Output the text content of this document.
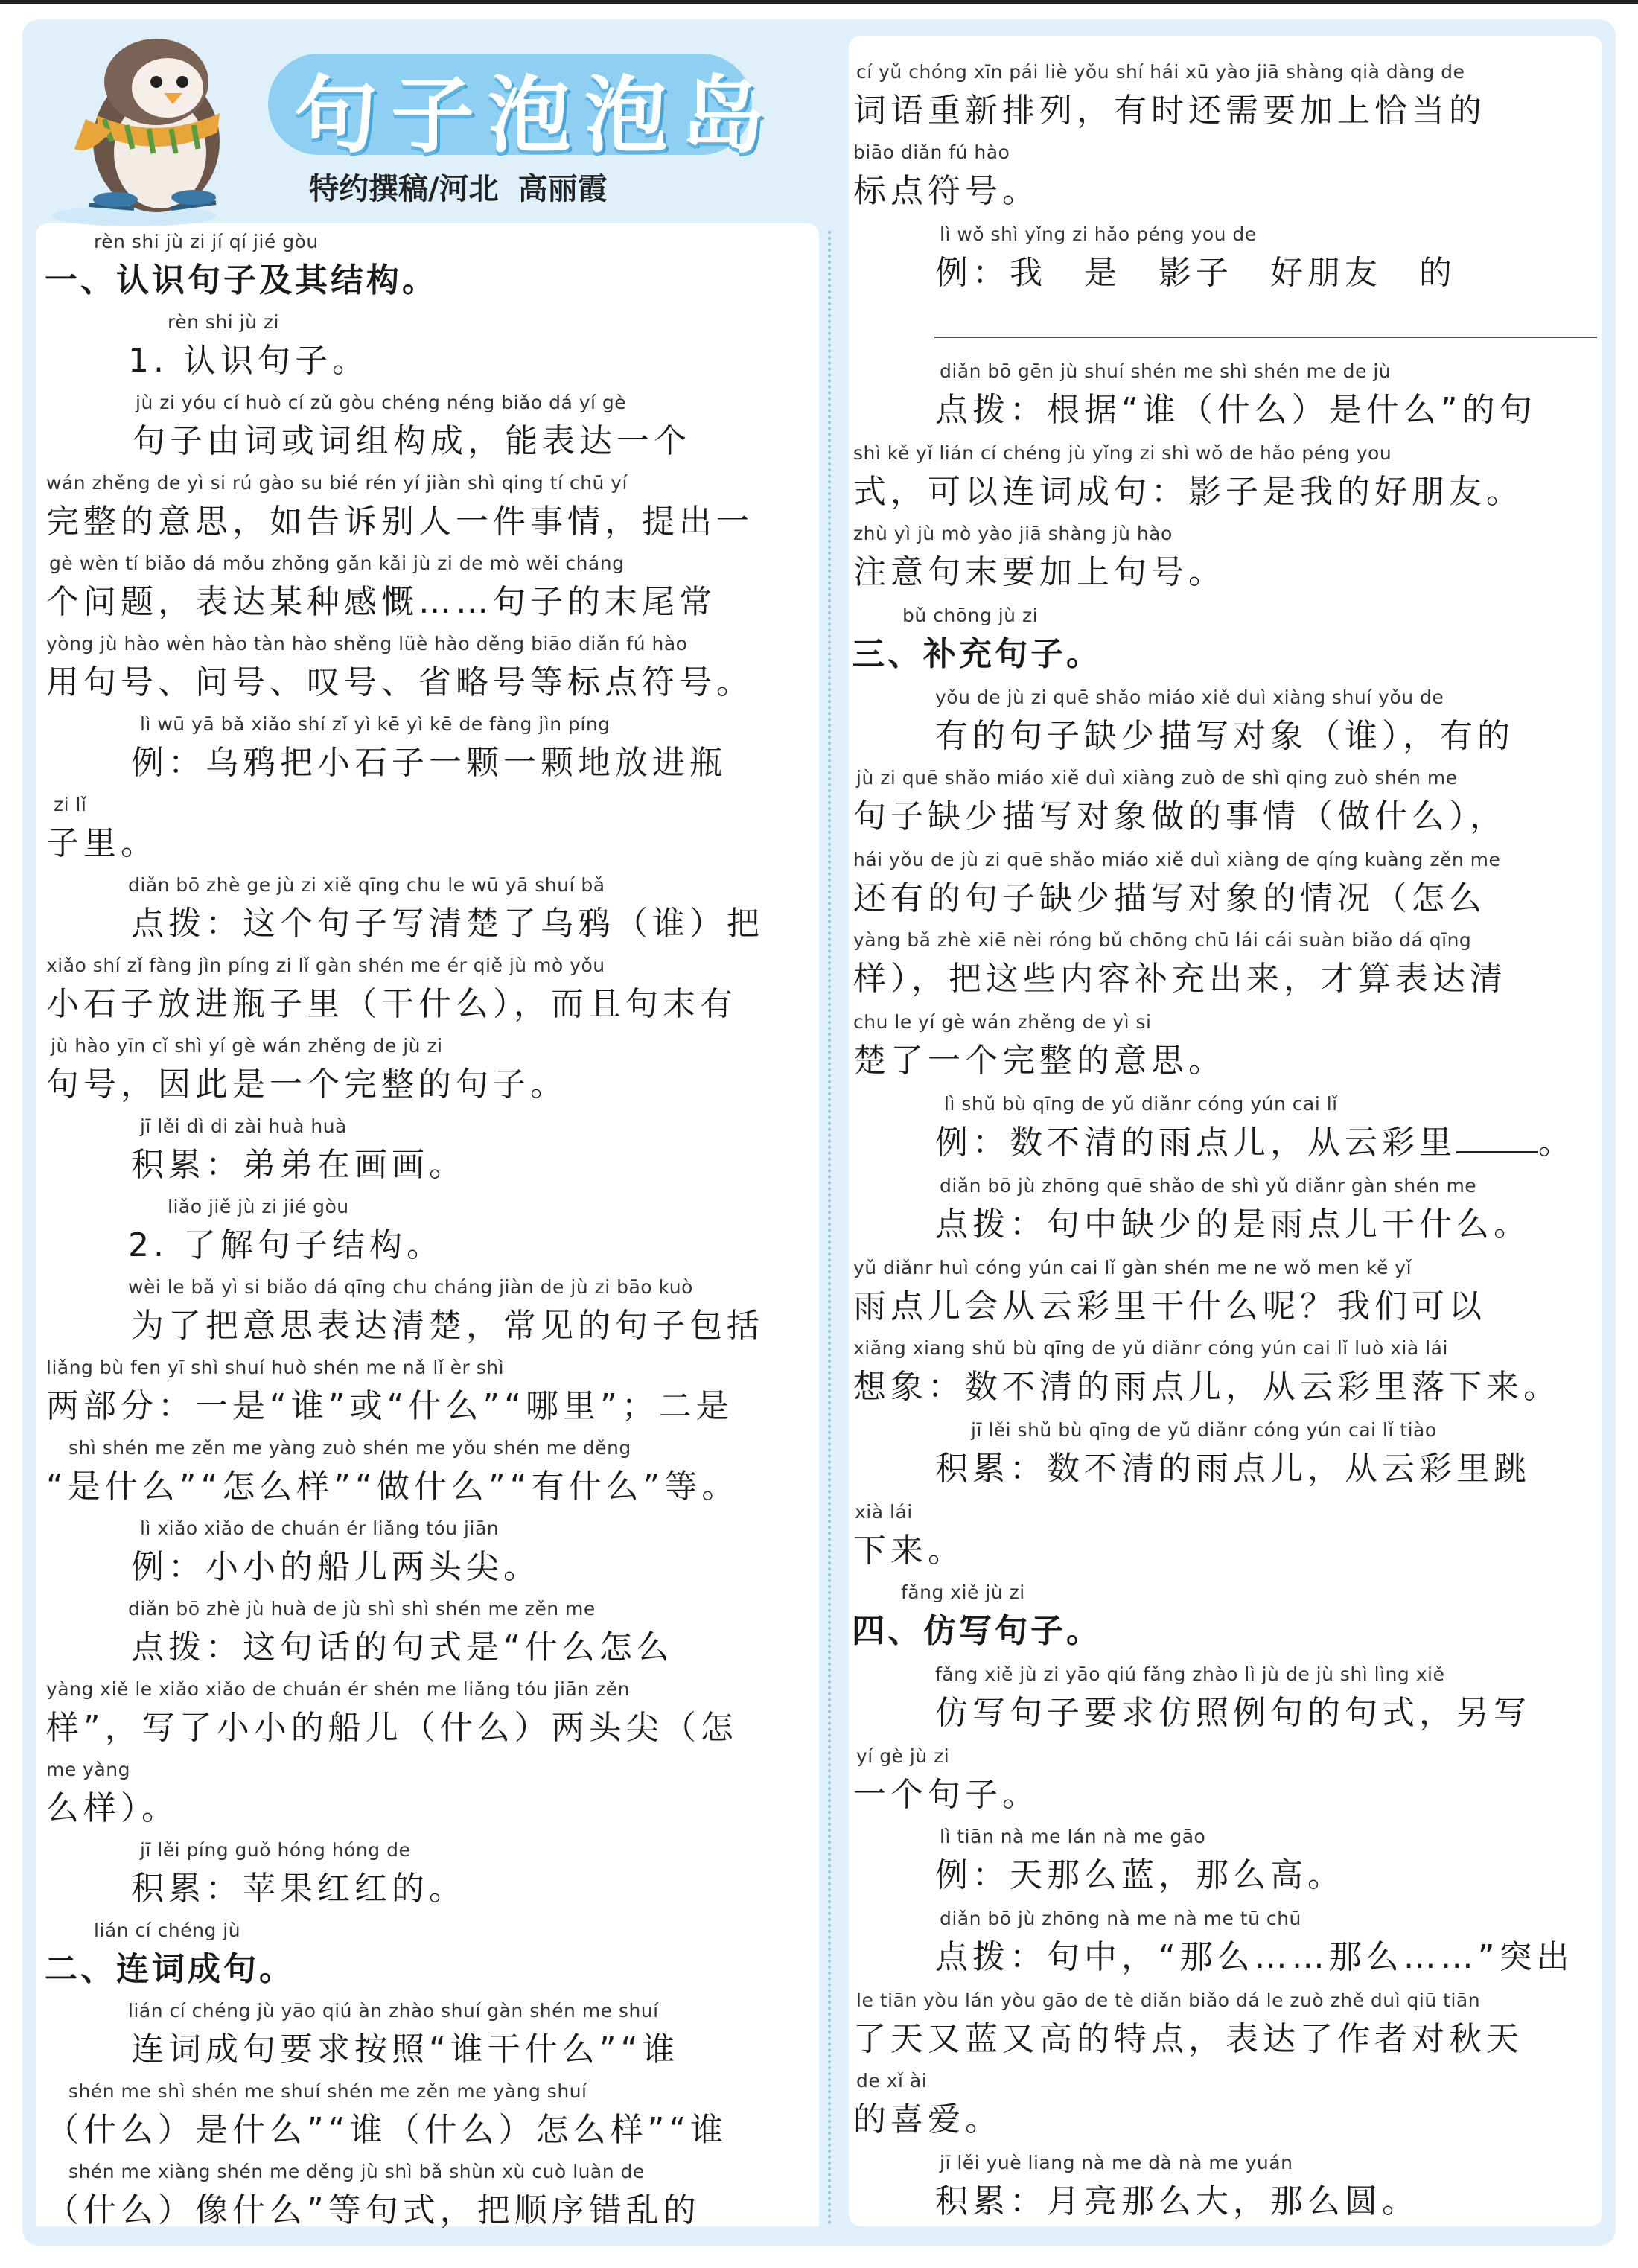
句子泡泡岛
特约撰稿/河北 高丽霞
rèn shi jù zi jí qí jié gòu
一、认识句子及其结构。
rèn shi jù zi
1. 认识句子。
jù zi yóu cí huò cí zǔ gòu chéng néng biǎo dá yí gè
句子由词或词组构成，能表达一个
wán zhěng de yì si rú gào su bié rén yí jiàn shì qing tí chū yí
完整的意思，如告诉别人一件事情，提出一
gè wèn tí biǎo dá mǒu zhǒng gǎn kǎi jù zi de mò wěi cháng
个问题，表达某种感慨……句子的末尾常
yòng jù hào wèn hào tàn hào shěng lüè hào děng biāo diǎn fú hào
用句号、问号、叹号、省略号等标点符号。
lì wū yā bǎ xiǎo shí zǐ yì kē yì kē de fàng jìn píng
例：乌鸦把小石子一颗一颗地放进瓶
zi lǐ
子里。
diǎn bō zhè ge jù zi xiě qīng chu le wū yā shuí bǎ
点拨：这个句子写清楚了乌鸦（谁）把
xiǎo shí zǐ fàng jìn píng zi lǐ gàn shén me ér qiě jù mò yǒu
小石子放进瓶子里（干什么），而且句末有
jù hào yīn cǐ shì yí gè wán zhěng de jù zi
句号，因此是一个完整的句子。
jī lěi dì di zài huà huà
积累：弟弟在画画。
liǎo jiě jù zi jié gòu
2. 了解句子结构。
wèi le bǎ yì si biǎo dá qīng chu cháng jiàn de jù zi bāo kuò
为了把意思表达清楚，常见的句子包括
liǎng bù fen yī shì shuí huò shén me nǎ lǐ èr shì
两部分：一是“谁”或“什么”“哪里”；二是
shì shén me zěn me yàng zuò shén me yǒu shén me děng
“是什么”“怎么样”“做什么”“有什么”等。
lì xiǎo xiǎo de chuán ér liǎng tóu jiān
例：小小的船儿两头尖。
diǎn bō zhè jù huà de jù shì shì shén me zěn me
点拨：这句话的句式是“什么怎么
yàng xiě le xiǎo xiǎo de chuán ér shén me liǎng tóu jiān zěn
样”，写了小小的船儿（什么）两头尖（怎
me yàng
么样）。
jī lěi píng guǒ hóng hóng de
积累：苹果红红的。
lián cí chéng jù
二、连词成句。
lián cí chéng jù yāo qiú àn zhào shuí gàn shén me shuí
连词成句要求按照“谁干什么”“谁
shén me shì shén me shuí shén me zěn me yàng shuí
（什么）是什么”“谁（什么）怎么样”“谁
shén me xiàng shén me děng jù shì bǎ shùn xù cuò luàn de
（什么）像什么”等句式，把顺序错乱的
cí yǔ chóng xīn pái liè yǒu shí hái xū yào jiā shàng qià dàng de
词语重新排列，有时还需要加上恰当的
biāo diǎn fú hào
标点符号。
lì wǒ shì yǐng zi hǎo péng you de
例：我　是　影子　好朋友　的
diǎn bō gēn jù shuí shén me shì shén me de jù
点拨：根据“谁（什么）是什么”的句
shì kě yǐ lián cí chéng jù yǐng zi shì wǒ de hǎo péng you
式，可以连词成句：影子是我的好朋友。
zhù yì jù mò yào jiā shàng jù hào
注意句末要加上句号。
bǔ chōng jù zi
三、补充句子。
yǒu de jù zi quē shǎo miáo xiě duì xiàng shuí yǒu de
有的句子缺少描写对象（谁），有的
jù zi quē shǎo miáo xiě duì xiàng zuò de shì qing zuò shén me
句子缺少描写对象做的事情（做什么），
hái yǒu de jù zi quē shǎo miáo xiě duì xiàng de qíng kuàng zěn me
还有的句子缺少描写对象的情况（怎么
yàng bǎ zhè xiē nèi róng bǔ chōng chū lái cái suàn biǎo dá qīng
样），把这些内容补充出来，才算表达清
chu le yí gè wán zhěng de yì si
楚了一个完整的意思。
lì shǔ bù qīng de yǔ diǎnr cóng yún cai lǐ
例：数不清的雨点儿，从云彩里	。
diǎn bō jù zhōng quē shǎo de shì yǔ diǎnr gàn shén me
点拨：句中缺少的是雨点儿干什么。
yǔ diǎnr huì cóng yún cai lǐ gàn shén me ne wǒ men kě yǐ
雨点儿会从云彩里干什么呢？我们可以
xiǎng xiang shǔ bù qīng de yǔ diǎnr cóng yún cai lǐ luò xià lái
想象：数不清的雨点儿，从云彩里落下来。
jī lěi shǔ bù qīng de yǔ diǎnr cóng yún cai lǐ tiào
积累：数不清的雨点儿，从云彩里跳
xià lái
下来。
fǎng xiě jù zi
四、仿写句子。
fǎng xiě jù zi yāo qiú fǎng zhào lì jù de jù shì lìng xiě
仿写句子要求仿照例句的句式，另写
yí gè jù zi
一个句子。
lì tiān nà me lán nà me gāo
例：天那么蓝，那么高。
diǎn bō jù zhōng nà me nà me tū chū
点拨：句中，“那么……那么……”突出
le tiān yòu lán yòu gāo de tè diǎn biǎo dá le zuò zhě duì qiū tiān
了天又蓝又高的特点，表达了作者对秋天
de xǐ ài
的喜爱。
jī lěi yuè liang nà me dà nà me yuán
积累：月亮那么大，那么圆。
